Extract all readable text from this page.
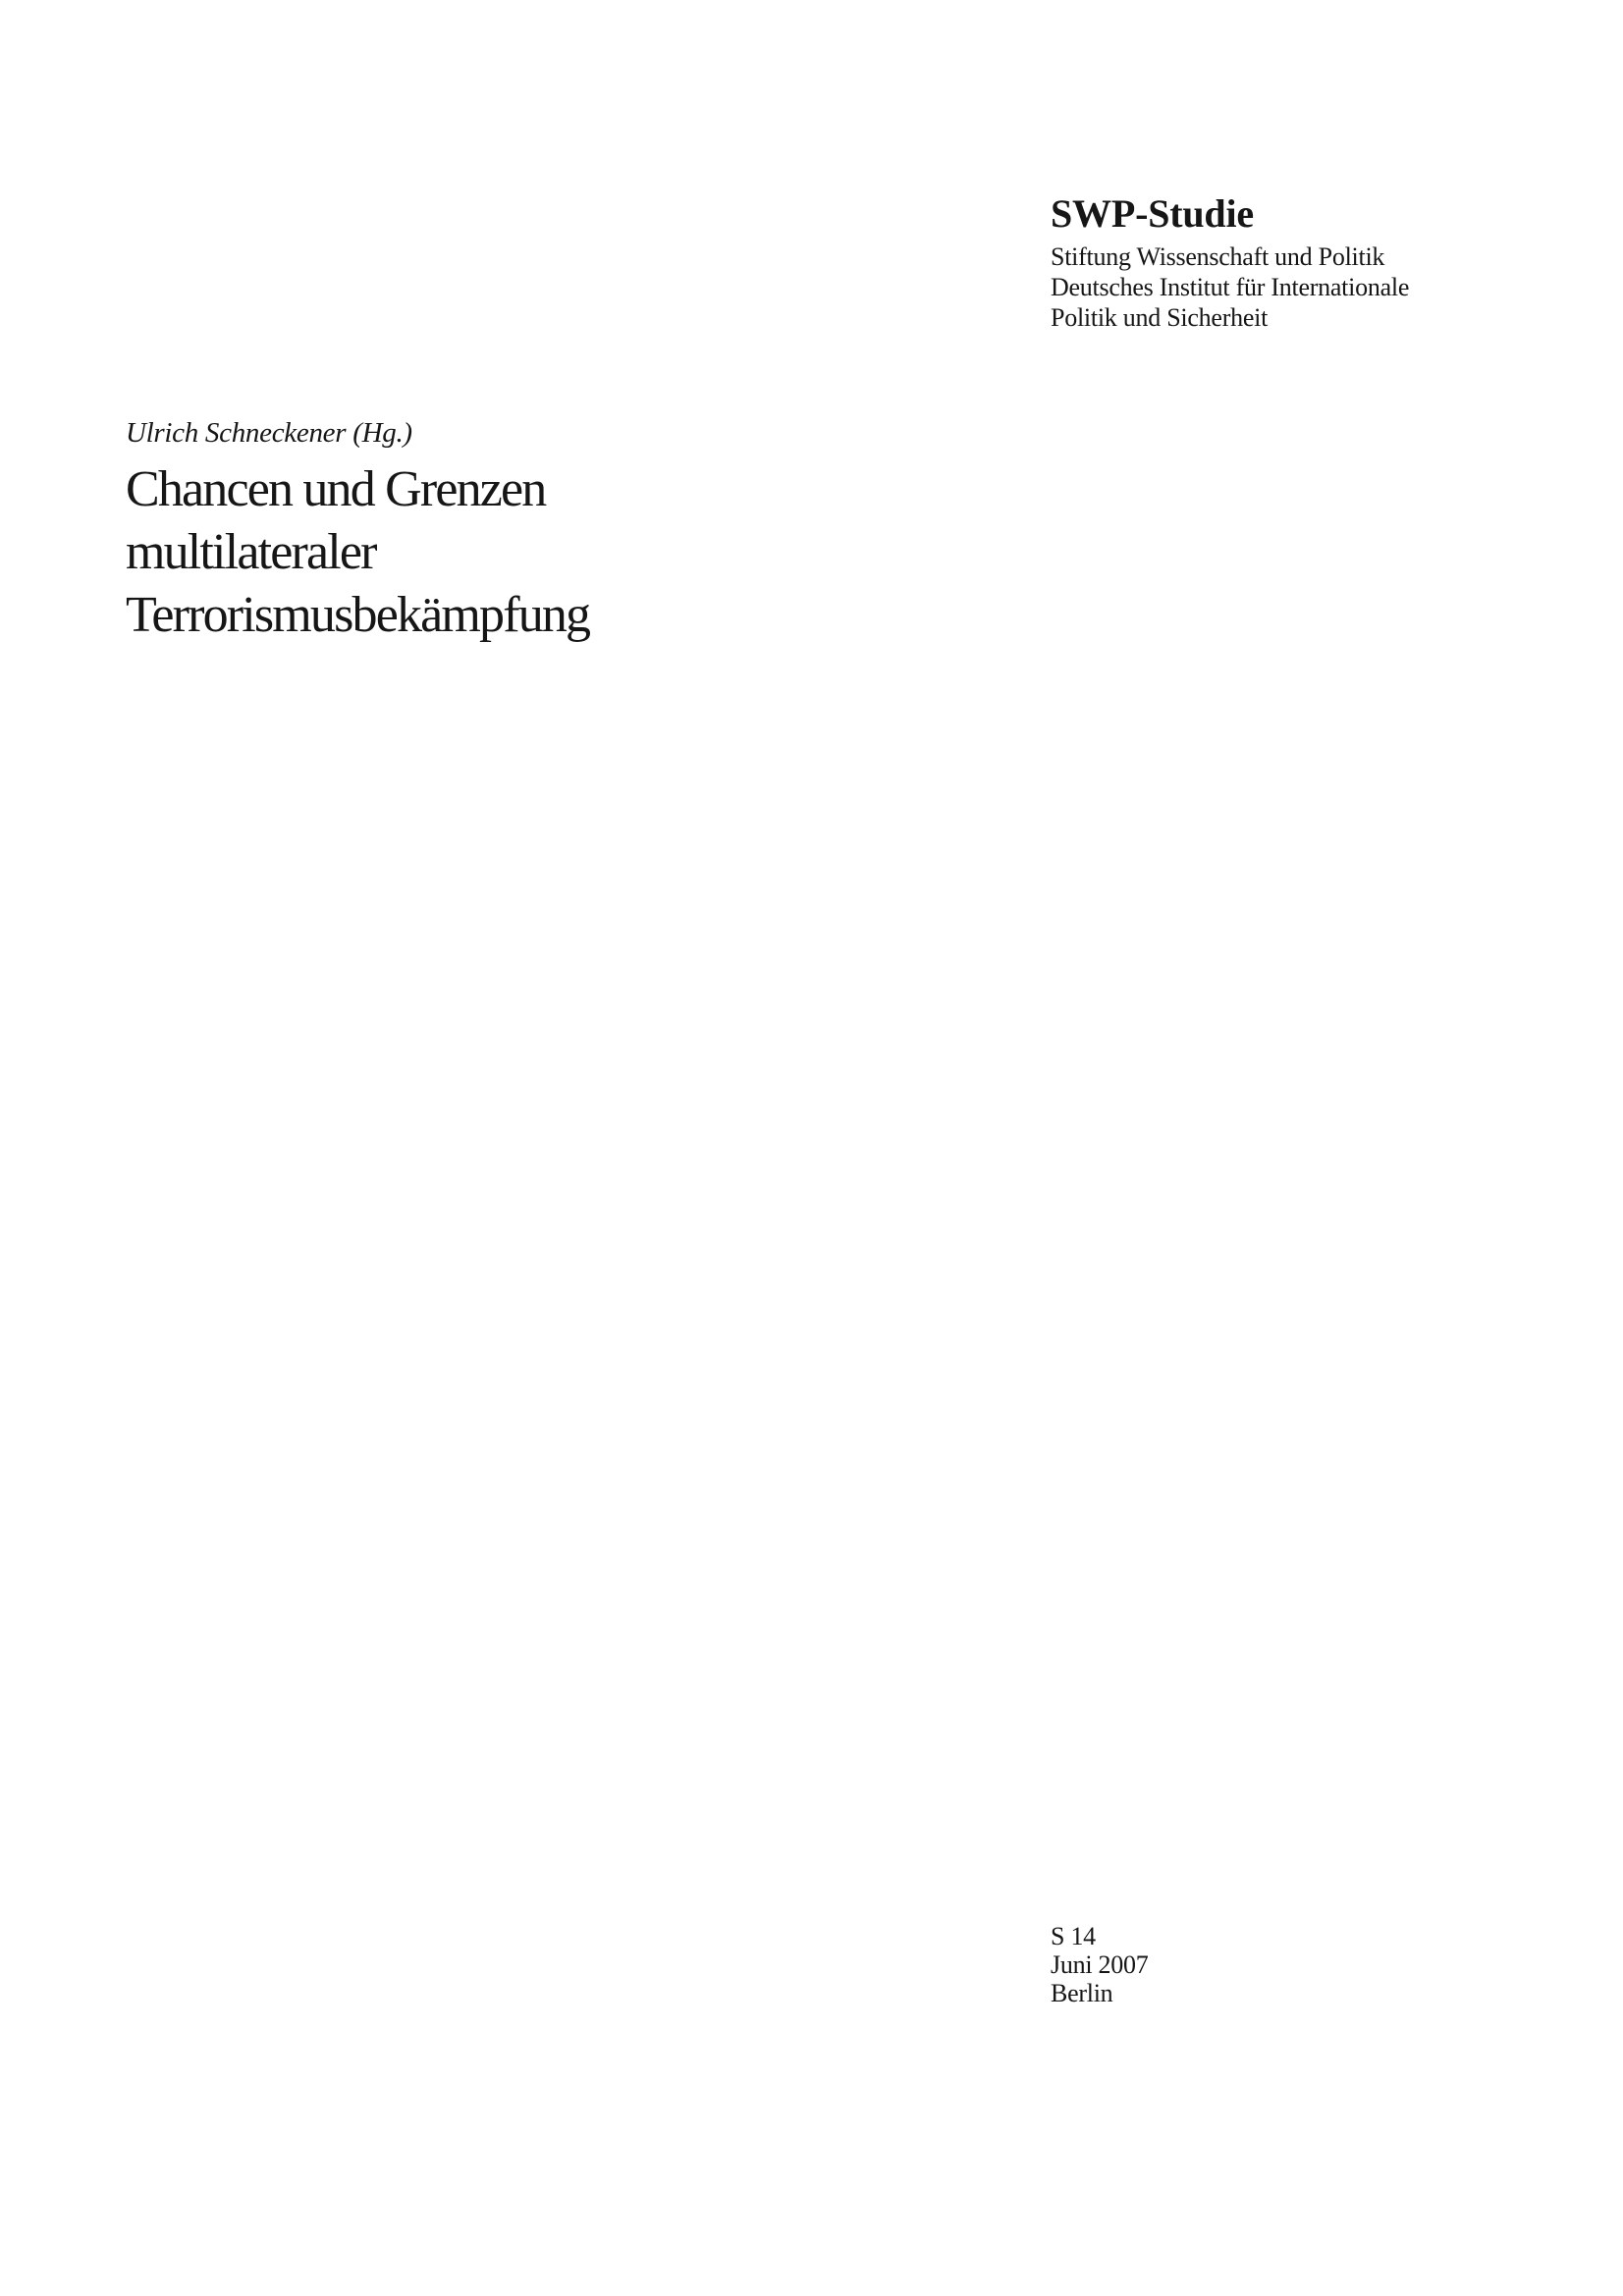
SWP-Studie
Stiftung Wissenschaft und Politik
Deutsches Institut für Internationale
Politik und Sicherheit
Ulrich Schneckener (Hg.)
Chancen und Grenzen
multilateraler
Terrorismusbekämpfung
S 14
Juni 2007
Berlin
